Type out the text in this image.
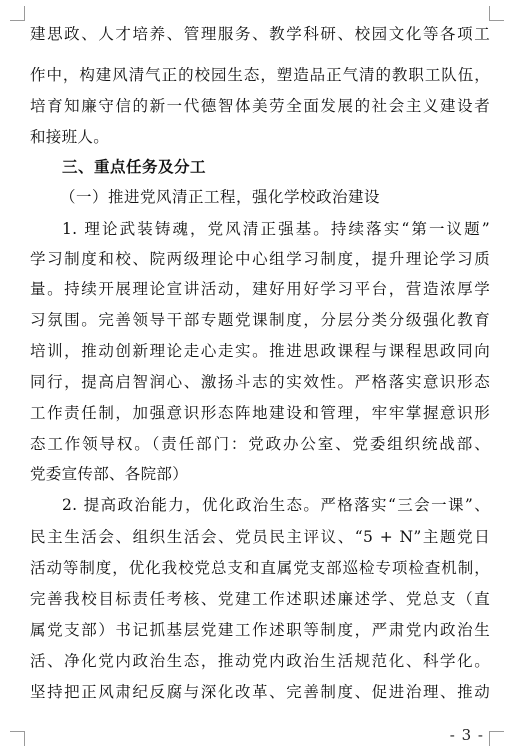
建思政、人才培养、管理服务、教学科研、校园文化等各项工
作中，构建风清气正的校园生态，塑造品正气清的教职工队伍，
培育知廉守信的新一代德智体美劳全面发展的社会主义建设者
和接班人。
三、重点任务及分工
（一）推进党风清正工程，强化学校政治建设
1. 理论武装铸魂，党风清正强基。持续落实“第一议题”
学习制度和校、院两级理论中心组学习制度，提升理论学习质
量。持续开展理论宣讲活动，建好用好学习平台，营造浓厚学
习氛围。完善领导干部专题党课制度，分层分类分级强化教育
培训，推动创新理论走心走实。推进思政课程与课程思政同向
同行，提高启智润心、激扬斗志的实效性。严格落实意识形态
工作责任制，加强意识形态阵地建设和管理，牢牢掌握意识形
态工作领导权。（责任部门：党政办公室、党委组织统战部、
党委宣传部、各院部）
2. 提高政治能力，优化政治生态。严格落实“三会一课”、
民主生活会、组织生活会、党员民主评议、“5 + N”主题党日
活动等制度，优化我校党总支和直属党支部巡检专项检查机制，
完善我校目标责任考核、党建工作述职述廉述学、党总支（直
属党支部）书记抓基层党建工作述职等制度，严肃党内政治生
活、净化党内政治生态，推动党内政治生活规范化、科学化。
坚持把正风肃纪反腐与深化改革、完善制度、促进治理、推动
- 3 -
